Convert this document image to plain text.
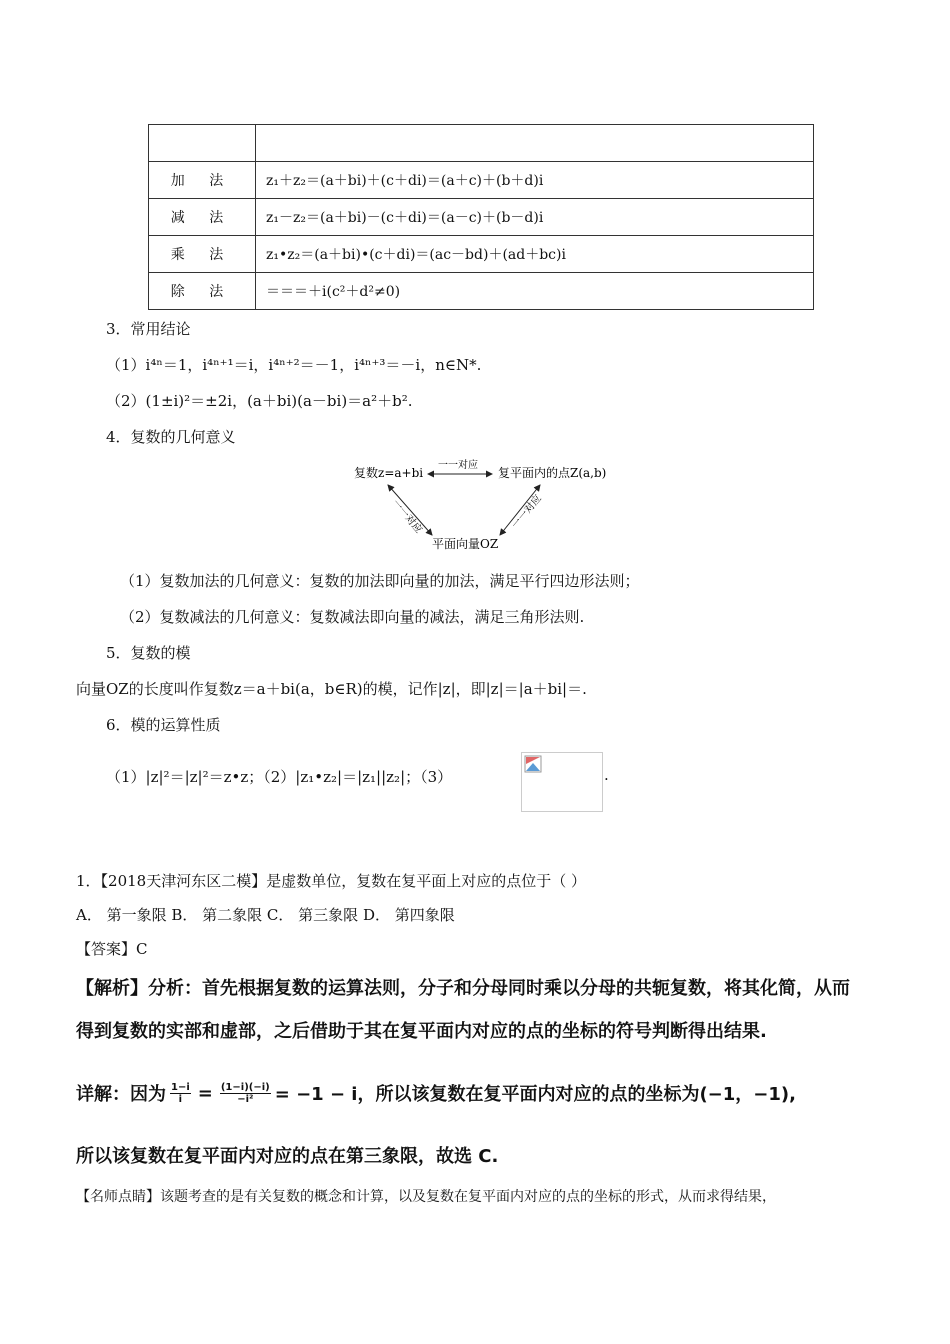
加 法	z₁＋z₂＝(a＋bi)＋(c＋di)＝(a＋c)＋(b＋d)i
减 法	z₁－z₂＝(a＋bi)－(c＋di)＝(a－c)＋(b－d)i
乘 法	z₁•z₂＝(a＋bi)•(c＋di)＝(ac－bd)＋(ad＋bc)i
除 法	＝＝＝＋i(c²＋d²≠0)
3．常用结论
（1）i⁴ⁿ＝1，i⁴ⁿ⁺¹＝i，i⁴ⁿ⁺²＝－1，i⁴ⁿ⁺³＝－i，n∈N*.
（2）(1±i)²＝±2i，(a＋bi)(a－bi)＝a²＋b².
4．复数的几何意义
复数z=a+bi	复平面内的点Z(a,b)
平面向量OZ
一一对应
一一对应	一一对应
（1）复数加法的几何意义：复数的加法即向量的加法，满足平行四边形法则；
（2）复数减法的几何意义：复数减法即向量的减法，满足三角形法则.
5．复数的模
向量OZ的长度叫作复数z＝a＋bi(a，b∈R)的模，记作|z|，即|z|＝|a＋bi|＝.
6．模的运算性质
（1）|z|²＝|z|²＝z•z；（2）|z₁•z₂|＝|z₁||z₂|；（3）	.
1．【2018天津河东区二模】是虚数单位，复数在复平面上对应的点位于（ ）
A． 第一象限 B． 第二象限 C． 第三象限 D． 第四象限
【答案】C
【解析】分析：首先根据复数的运算法则，分子和分母同时乘以分母的共轭复数，将其化简，从而
得到复数的实部和虚部，之后借助于其在复平面内对应的点的坐标的符号判断得出结果.
详解：因为 $\frac{1-i}{i} = \frac{(1-i)(-i)}{\text{−i²}} = -1 - i$，所以该复数在复平面内对应的点的坐标为(−1，−1),
所以该复数在复平面内对应的点在第三象限，故选 C.
【名师点睛】该题考查的是有关复数的概念和计算，以及复数在复平面内对应的点的坐标的形式，从而求得结果，
